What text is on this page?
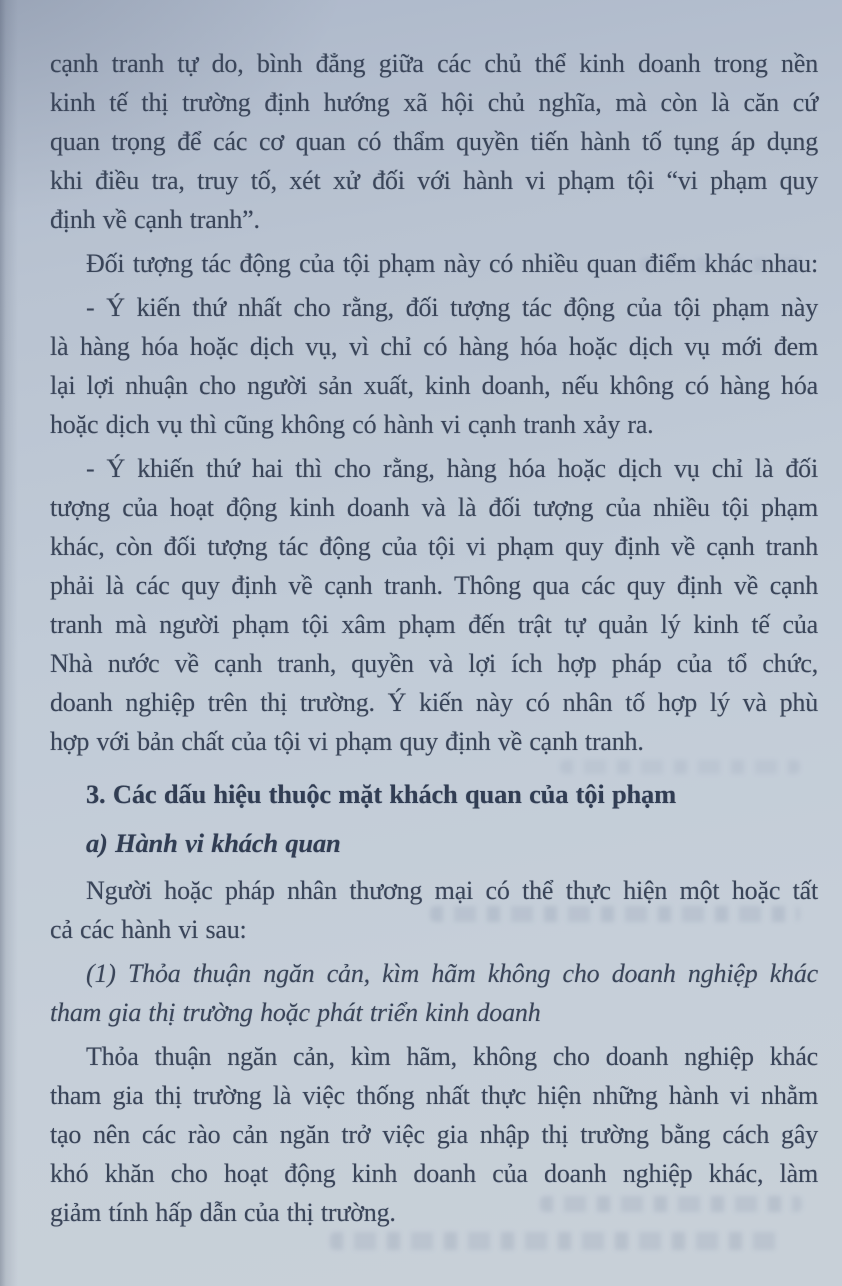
cạnh tranh tự do, bình đẳng giữa các chủ thể kinh doanh trong nền
kinh tế thị trường định hướng xã hội chủ nghĩa, mà còn là căn cứ
quan trọng để các cơ quan có thẩm quyền tiến hành tố tụng áp dụng
khi điều tra, truy tố, xét xử đối với hành vi phạm tội “vi phạm quy
định về cạnh tranh”.

Đối tượng tác động của tội phạm này có nhiều quan điểm khác nhau:

- Ý kiến thứ nhất cho rằng, đối tượng tác động của tội phạm này
là hàng hóa hoặc dịch vụ, vì chỉ có hàng hóa hoặc dịch vụ mới đem
lại lợi nhuận cho người sản xuất, kinh doanh, nếu không có hàng hóa
hoặc dịch vụ thì cũng không có hành vi cạnh tranh xảy ra.

- Ý khiến thứ hai thì cho rằng, hàng hóa hoặc dịch vụ chỉ là đối
tượng của hoạt động kinh doanh và là đối tượng của nhiều tội phạm
khác, còn đối tượng tác động của tội vi phạm quy định về cạnh tranh
phải là các quy định về cạnh tranh. Thông qua các quy định về cạnh
tranh mà người phạm tội xâm phạm đến trật tự quản lý kinh tế của
Nhà nước về cạnh tranh, quyền và lợi ích hợp pháp của tổ chức,
doanh nghiệp trên thị trường. Ý kiến này có nhân tố hợp lý và phù
hợp với bản chất của tội vi phạm quy định về cạnh tranh.

3. Các dấu hiệu thuộc mặt khách quan của tội phạm
a) Hành vi khách quan

Người hoặc pháp nhân thương mại có thể thực hiện một hoặc tất
cả các hành vi sau:

(1) Thỏa thuận ngăn cản, kìm hãm không cho doanh nghiệp khác
tham gia thị trường hoặc phát triển kinh doanh

Thỏa thuận ngăn cản, kìm hãm, không cho doanh nghiệp khác
tham gia thị trường là việc thống nhất thực hiện những hành vi nhằm
tạo nên các rào cản ngăn trở việc gia nhập thị trường bằng cách gây
khó khăn cho hoạt động kinh doanh của doanh nghiệp khác, làm
giảm tính hấp dẫn của thị trường.
